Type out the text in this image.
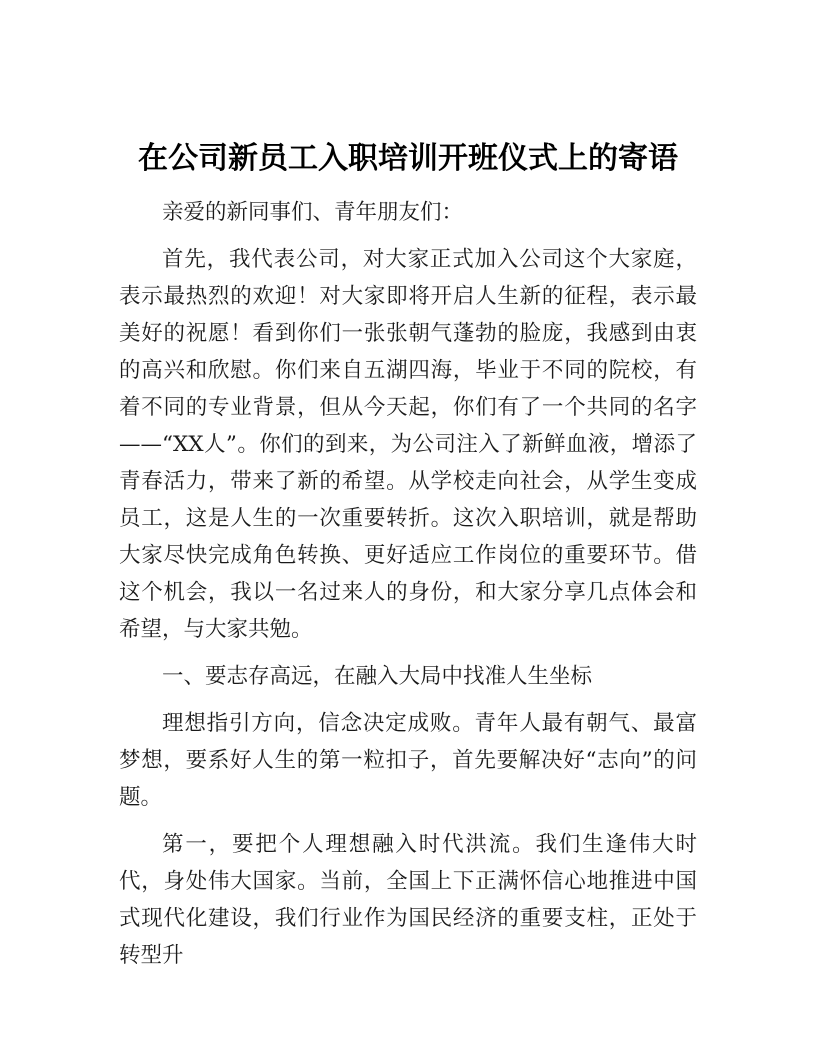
在公司新员工入职培训开班仪式上的寄语

亲爱的新同事们、青年朋友们：

首先，我代表公司，对大家正式加入公司这个大家庭，表示最热烈的欢迎！对大家即将开启人生新的征程，表示最美好的祝愿！看到你们一张张朝气蓬勃的脸庞，我感到由衷的高兴和欣慰。你们来自五湖四海，毕业于不同的院校，有着不同的专业背景，但从今天起，你们有了一个共同的名字——“XX人”。你们的到来，为公司注入了新鲜血液，增添了青春活力，带来了新的希望。从学校走向社会，从学生变成员工，这是人生的一次重要转折。这次入职培训，就是帮助大家尽快完成角色转换、更好适应工作岗位的重要环节。借这个机会，我以一名过来人的身份，和大家分享几点体会和希望，与大家共勉。

一、要志存高远，在融入大局中找准人生坐标

理想指引方向，信念决定成败。青年人最有朝气、最富梦想，要系好人生的第一粒扣子，首先要解决好“志向”的问题。

第一，要把个人理想融入时代洪流。我们生逢伟大时代，身处伟大国家。当前，全国上下正满怀信心地推进中国式现代化建设，我们行业作为国民经济的重要支柱，正处于转型升
